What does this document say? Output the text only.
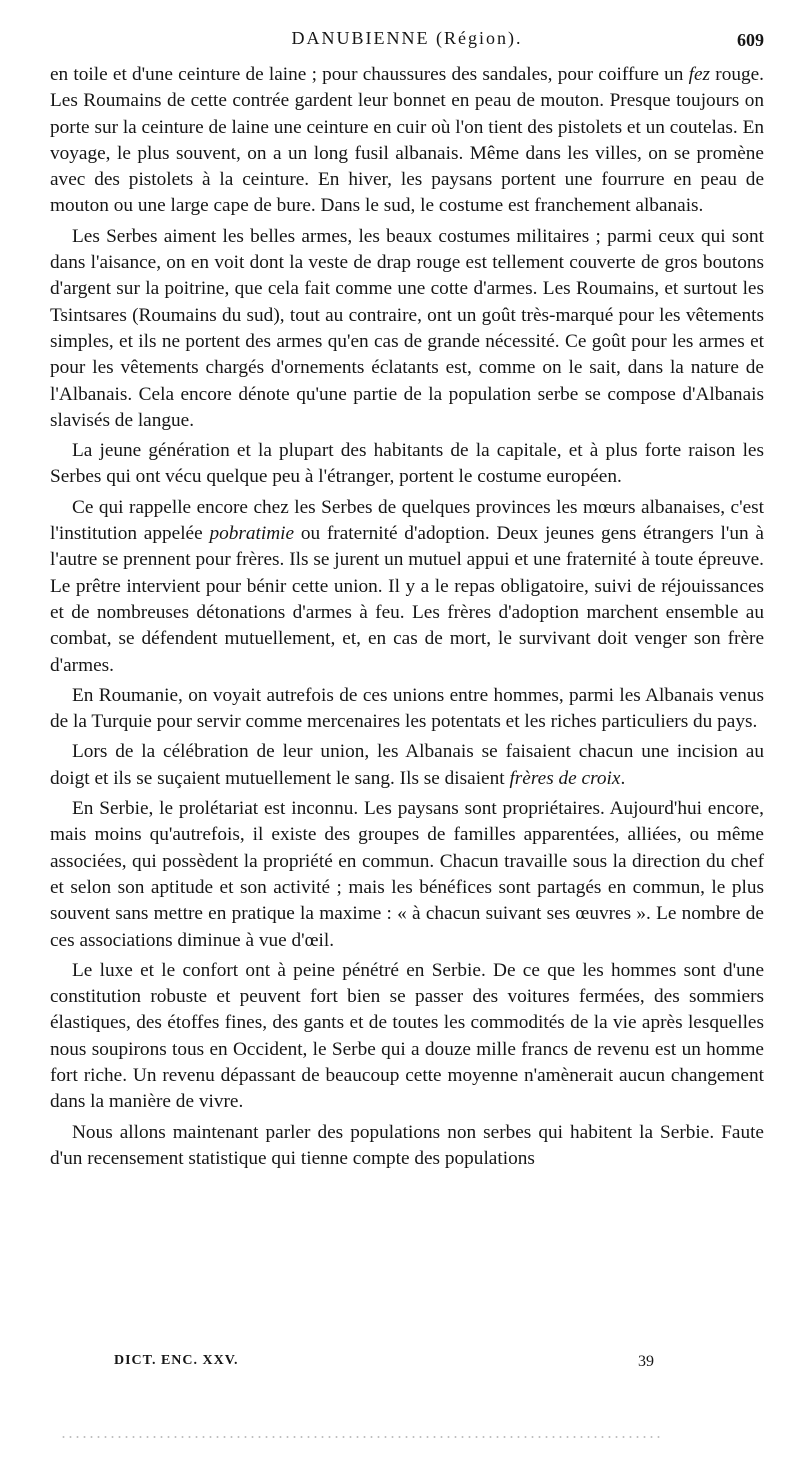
DANUBIENNE (Région).	609

en toile et d'une ceinture de laine ; pour chaussures des sandales, pour coiffure un fez rouge. Les Roumains de cette contrée gardent leur bonnet en peau de mouton. Presque toujours on porte sur la ceinture de laine une ceinture en cuir où l'on tient des pistolets et un coutelas. En voyage, le plus souvent, on a un long fusil albanais. Même dans les villes, on se promène avec des pistolets à la ceinture. En hiver, les paysans portent une fourrure en peau de mouton ou une large cape de bure. Dans le sud, le costume est franchement albanais.

Les Serbes aiment les belles armes, les beaux costumes militaires ; parmi ceux qui sont dans l'aisance, on en voit dont la veste de drap rouge est tellement couverte de gros boutons d'argent sur la poitrine, que cela fait comme une cotte d'armes. Les Roumains, et surtout les Tsintsares (Roumains du sud), tout au contraire, ont un goût très-marqué pour les vêtements simples, et ils ne portent des armes qu'en cas de grande nécessité. Ce goût pour les armes et pour les vêtements chargés d'ornements éclatants est, comme on le sait, dans la nature de l'Albanais. Cela encore dénote qu'une partie de la population serbe se compose d'Albanais slavisés de langue.

La jeune génération et la plupart des habitants de la capitale, et à plus forte raison les Serbes qui ont vécu quelque peu à l'étranger, portent le costume européen.

Ce qui rappelle encore chez les Serbes de quelques provinces les mœurs albanaises, c'est l'institution appelée pobratimie ou fraternité d'adoption. Deux jeunes gens étrangers l'un à l'autre se prennent pour frères. Ils se jurent un mutuel appui et une fraternité à toute épreuve. Le prêtre intervient pour bénir cette union. Il y a le repas obligatoire, suivi de réjouissances et de nombreuses détonations d'armes à feu. Les frères d'adoption marchent ensemble au combat, se défendent mutuellement, et, en cas de mort, le survivant doit venger son frère d'armes.

En Roumanie, on voyait autrefois de ces unions entre hommes, parmi les Albanais venus de la Turquie pour servir comme mercenaires les potentats et les riches particuliers du pays.

Lors de la célébration de leur union, les Albanais se faisaient chacun une incision au doigt et ils se suçaient mutuellement le sang. Ils se disaient frères de croix.

En Serbie, le prolétariat est inconnu. Les paysans sont propriétaires. Aujourd'hui encore, mais moins qu'autrefois, il existe des groupes de familles apparentées, alliées, ou même associées, qui possèdent la propriété en commun. Chacun travaille sous la direction du chef et selon son aptitude et son activité ; mais les bénéfices sont partagés en commun, le plus souvent sans mettre en pratique la maxime : « à chacun suivant ses œuvres ». Le nombre de ces associations diminue à vue d'œil.

Le luxe et le confort ont à peine pénétré en Serbie. De ce que les hommes sont d'une constitution robuste et peuvent fort bien se passer des voitures fermées, des sommiers élastiques, des étoffes fines, des gants et de toutes les commodités de la vie après lesquelles nous soupirons tous en Occident, le Serbe qui a douze mille francs de revenu est un homme fort riche. Un revenu dépassant de beaucoup cette moyenne n'amènerait aucun changement dans la manière de vivre.

Nous allons maintenant parler des populations non serbes qui habitent la Serbie. Faute d'un recensement statistique qui tienne compte des populations

DICT. ENC. XXV.	39
